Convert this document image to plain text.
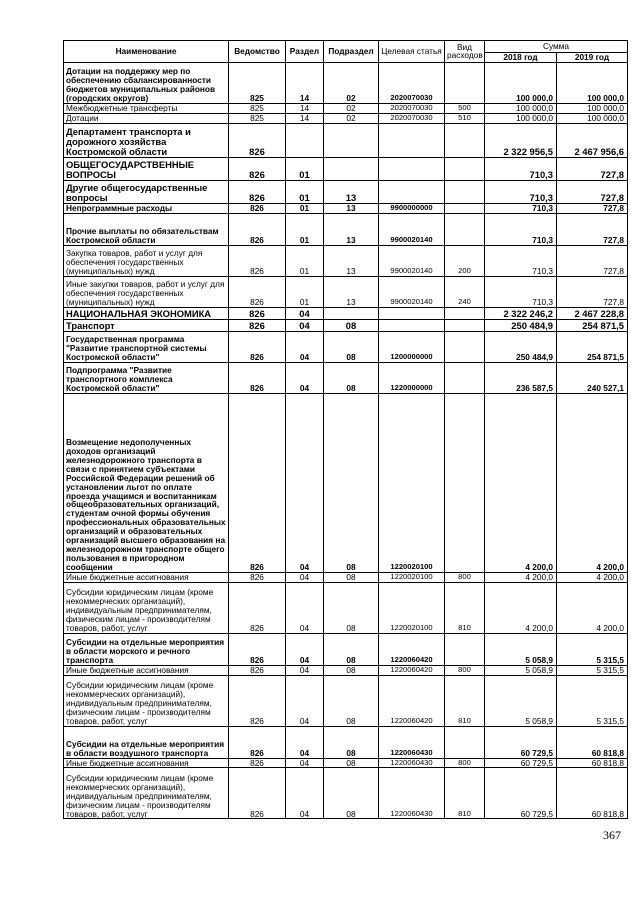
Наименование	Ведомство	Раздел	Подраздел	Целевая статья	Вид расходов	Сумма	
						2018 год	2019 год
Дотации на поддержку мер по обеспечению сбалансированности бюджетов муниципальных районов (городских округов)	825	14	02	2020070030		100 000,0	100 000,0
Межбюджетные трансферты	825	14	02	2020070030	500	100 000,0	100 000,0
Дотации	825	14	02	2020070030	510	100 000,0	100 000,0
Департамент транспорта и дорожного хозяйства Костромской области	826					2 322 956,5	2 467 956,6
ОБЩЕГОСУДАРСТВЕННЫЕ ВОПРОСЫ	826	01				710,3	727,8
Другие общегосударственные вопросы	826	01	13			710,3	727,8
Непрограммные расходы	826	01	13	9900000000		710,3	727,8
Прочие выплаты по обязательствам Костромской области	826	01	13	9900020140		710,3	727,8
Закупка товаров, работ и услуг для обеспечения государственных (муниципальных) нужд	826	01	13	9900020140	200	710,3	727,8
Иные закупки товаров, работ и услуг для обеспечения государственных (муниципальных) нужд	826	01	13	9900020140	240	710,3	727,8
НАЦИОНАЛЬНАЯ ЭКОНОМИКА	826	04				2 322 246,2	2 467 228,8
Транспорт	826	04	08			250 484,9	254 871,5
Государственная программа "Развитие транспортной системы Костромской области"	826	04	08	1200000000		250 484,9	254 871,5
Подпрограмма "Развитие транспортного комплекса Костромской области"	826	04	08	1220000000		236 587,5	240 527,1
Возмещение недополученных доходов организаций железнодорожного транспорта в связи с принятием субъектами Российской Федерации решений об установлении льгот по оплате проезда учащимся и воспитанникам общеобразовательных организаций, студентам очной формы обучения профессиональных образовательных организаций и образовательных организаций высшего образования на железнодорожном транспорте общего пользования в пригородном сообщении	826	04	08	1220020100		4 200,0	4 200,0
Иные бюджетные ассигнования	826	04	08	1220020100	800	4 200,0	4 200,0
Субсидии юридическим лицам (кроме некоммерческих организаций), индивидуальным предпринимателям, физическим лицам - производителям товаров, работ, услуг	826	04	08	1220020100	810	4 200,0	4 200,0
Субсидии на отдельные мероприятия в области морского и речного транспорта	826	04	08	1220060420		5 058,9	5 315,5
Иные бюджетные ассигнования	826	04	08	1220060420	800	5 058,9	5 315,5
Субсидии юридическим лицам (кроме некоммерческих организаций), индивидуальным предпринимателям, физическим лицам - производителям товаров, работ, услуг	826	04	08	1220060420	810	5 058,9	5 315,5
Субсидии на отдельные мероприятия в области воздушного транспорта	826	04	08	1220060430		60 729,5	60 818,8
Иные бюджетные ассигнования	826	04	08	1220060430	800	60 729,5	60 818,8
Субсидии юридическим лицам (кроме некоммерческих организаций), индивидуальным предпринимателям, физическим лицам - производителям товаров, работ, услуг	826	04	08	1220060430	810	60 729,5	60 818,8
367
